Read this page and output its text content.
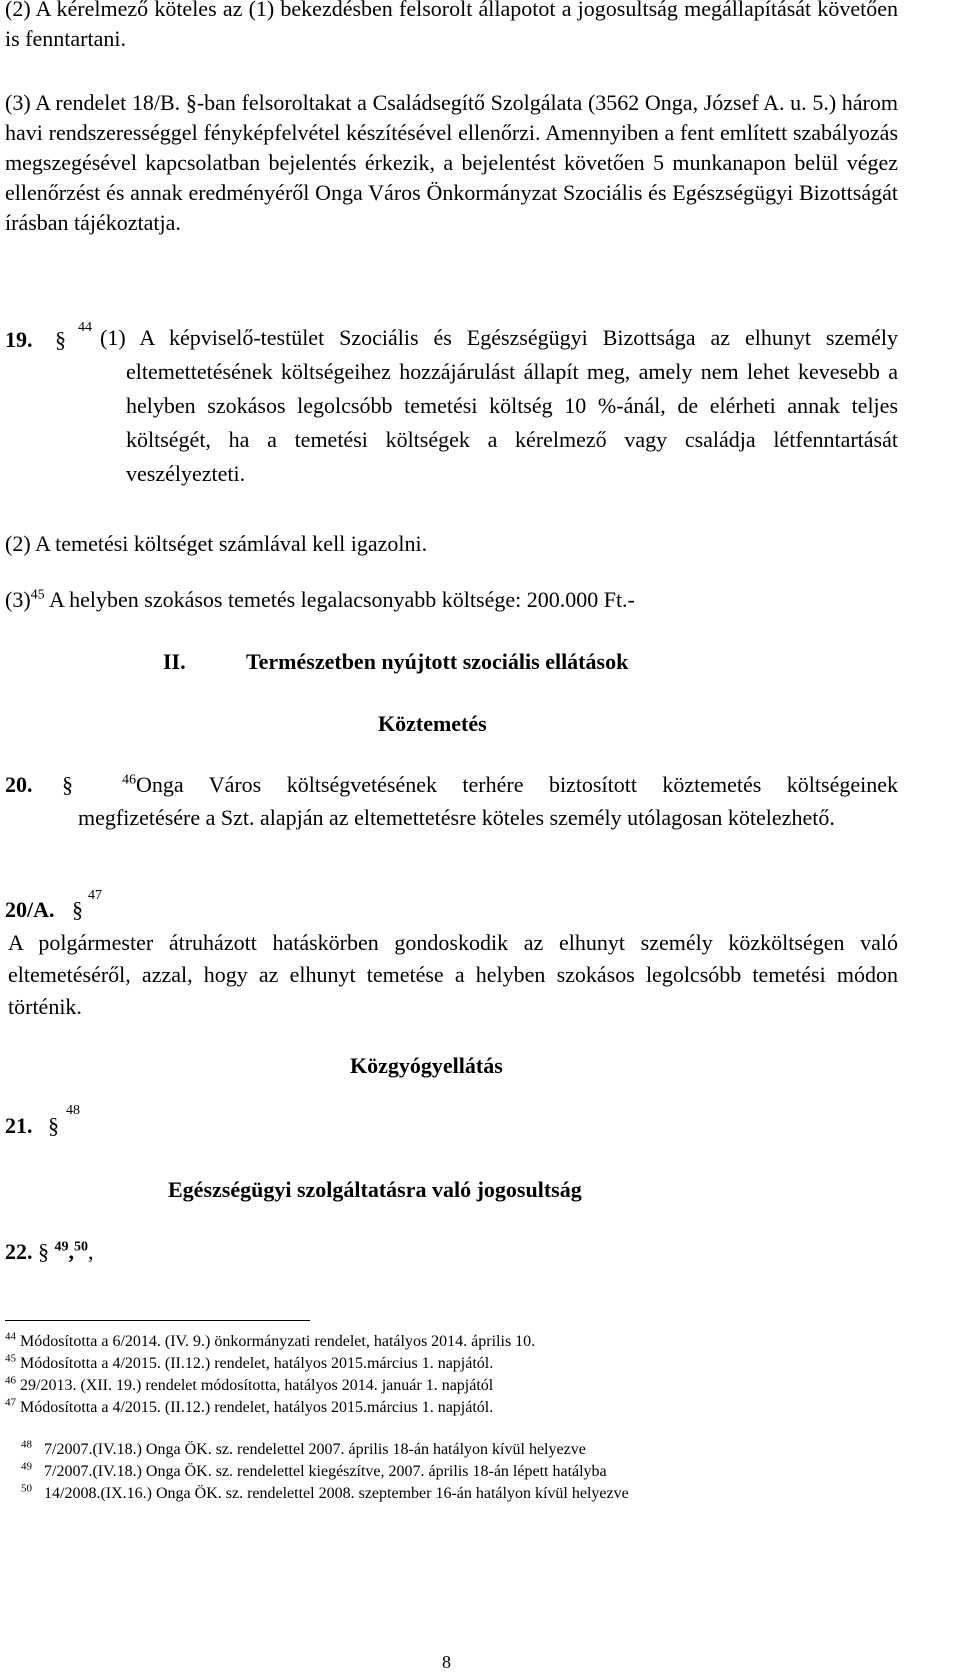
(2) A kérelmező köteles az (1) bekezdésben felsorolt állapotot a jogosultság megállapítását követően is fenntartani.
(3) A rendelet 18/B. §-ban felsoroltakat a Családsegítő Szolgálata (3562 Onga, József A. u. 5.) három havi rendszerességgel fényképfelvétel készítésével ellenőrzi. Amennyiben a fent említett szabályozás megszegésével kapcsolatban bejelentés érkezik, a bejelentést követően 5 munkanapon belül végez ellenőrzést és annak eredményéről Onga Város Önkormányzat Szociális és Egészségügyi Bizottságát írásban tájékoztatja.
19. § 44 (1) A képviselő-testület Szociális és Egészségügyi Bizottsága az elhunyt személy eltemettetésének költségeihez hozzájárulást állapít meg, amely nem lehet kevesebb a helyben szokásos legolcsóbb temetési költség 10 %-ánál, de elérheti annak teljes költségét, ha a temetési költségek a kérelmező vagy családja létfenntartását veszélyezteti.
(2) A temetési költséget számlával kell igazolni.
$(3)^{45}$ A helyben szokásos temetés legalacsonyabb költsége: 200.000 Ft.-
II.	Természetben nyújtott szociális ellátások
Köztemetés
20. §	$^{46}$Onga Város költségvetésének terhére biztosított köztemetés költségeinek megfizetésére a Szt. alapján az eltemettetésre köteles személy utólagosan kötelezhető.
20/A. §
47
A polgármester átruházott hatáskörben gondoskodik az elhunyt személy közköltségen való eltemetéséről, azzal, hogy az elhunyt temetése a helyben szokásos legolcsóbb temetési módon történik.
Közgyógyellátás
21. §
48
Egészségügyi szolgáltatásra való jogosultság
22. § $^{49}$,$^{50}$,
$^{44}$ Módosította a 6/2014. (IV. 9.) önkormányzati rendelet, hatályos 2014. április 10.
$^{45}$ Módosította a 4/2015. (II.12.) rendelet, hatályos 2015.március 1. napjától.
$^{46}$ 29/2013. (XII. 19.) rendelet módosította, hatályos 2014. január 1. napjától
$^{47}$ Módosította a 4/2015. (II.12.) rendelet, hatályos 2015.március 1. napjától.

$^{48}$   7/2007.(IV.18.) Onga ÖK. sz. rendelettel 2007. április 18-án hatályon kívül helyezve

$^{49}$   7/2007.(IV.18.) Onga ÖK. sz. rendelettel kiegészítve, 2007. április 18-án lépett hatályba

$^{50}$   14/2008.(IX.16.) Onga ÖK. sz. rendelettel 2008. szeptember 16-án hatályon kívül helyezve

8
